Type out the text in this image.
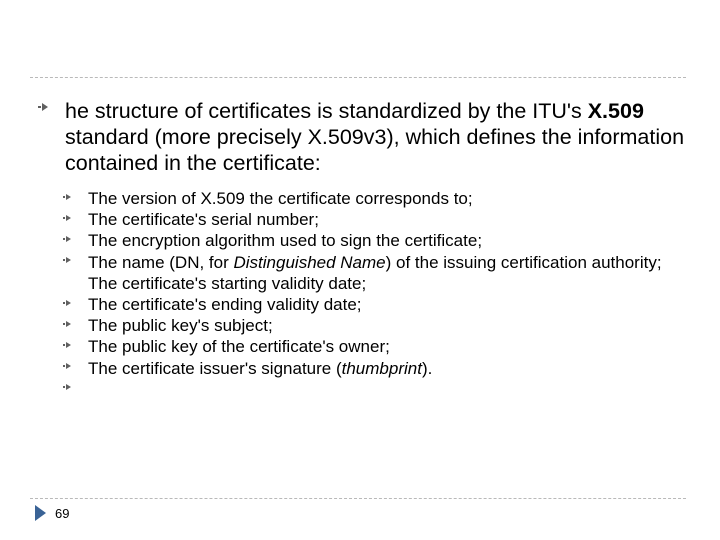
he structure of certificates is standardized by the ITU's X.509 standard (more precisely X.509v3), which defines the information contained in the certificate:
The version of X.509 the certificate corresponds to;
The certificate's serial number;
The encryption algorithm used to sign the certificate;
The name (DN, for Distinguished Name) of the issuing certification authority;
The certificate's starting validity date;
The certificate's ending validity date;
The public key's subject;
The public key of the certificate's owner;
The certificate issuer's signature (thumbprint).
69
